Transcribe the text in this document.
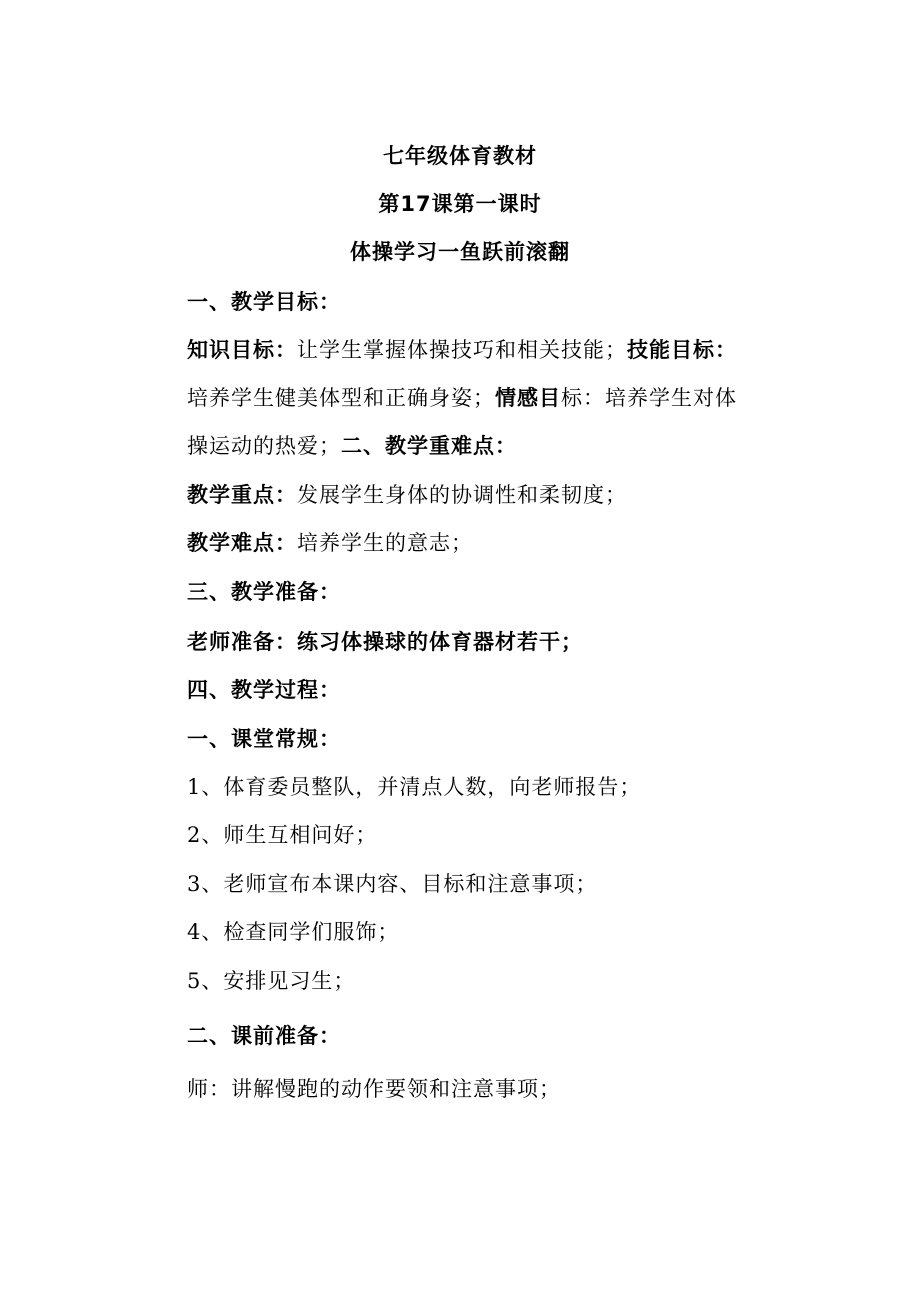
七年级体育教材
第17课第一课时
体操学习一鱼跃前滚翻
一、教学目标：
知识目标：让学生掌握体操技巧和相关技能；技能目标：
培养学生健美体型和正确身姿；情感目标：培养学生对体
操运动的热爱；二、教学重难点：
教学重点：发展学生身体的协调性和柔韧度；
教学难点：培养学生的意志；
三、教学准备：
老师准备：练习体操球的体育器材若干；
四、教学过程：
一、课堂常规：
1、体育委员整队，并清点人数，向老师报告；
2、师生互相问好；
3、老师宣布本课内容、目标和注意事项；
4、检查同学们服饰；
5、安排见习生；
二、课前准备：
师：讲解慢跑的动作要领和注意事项；
